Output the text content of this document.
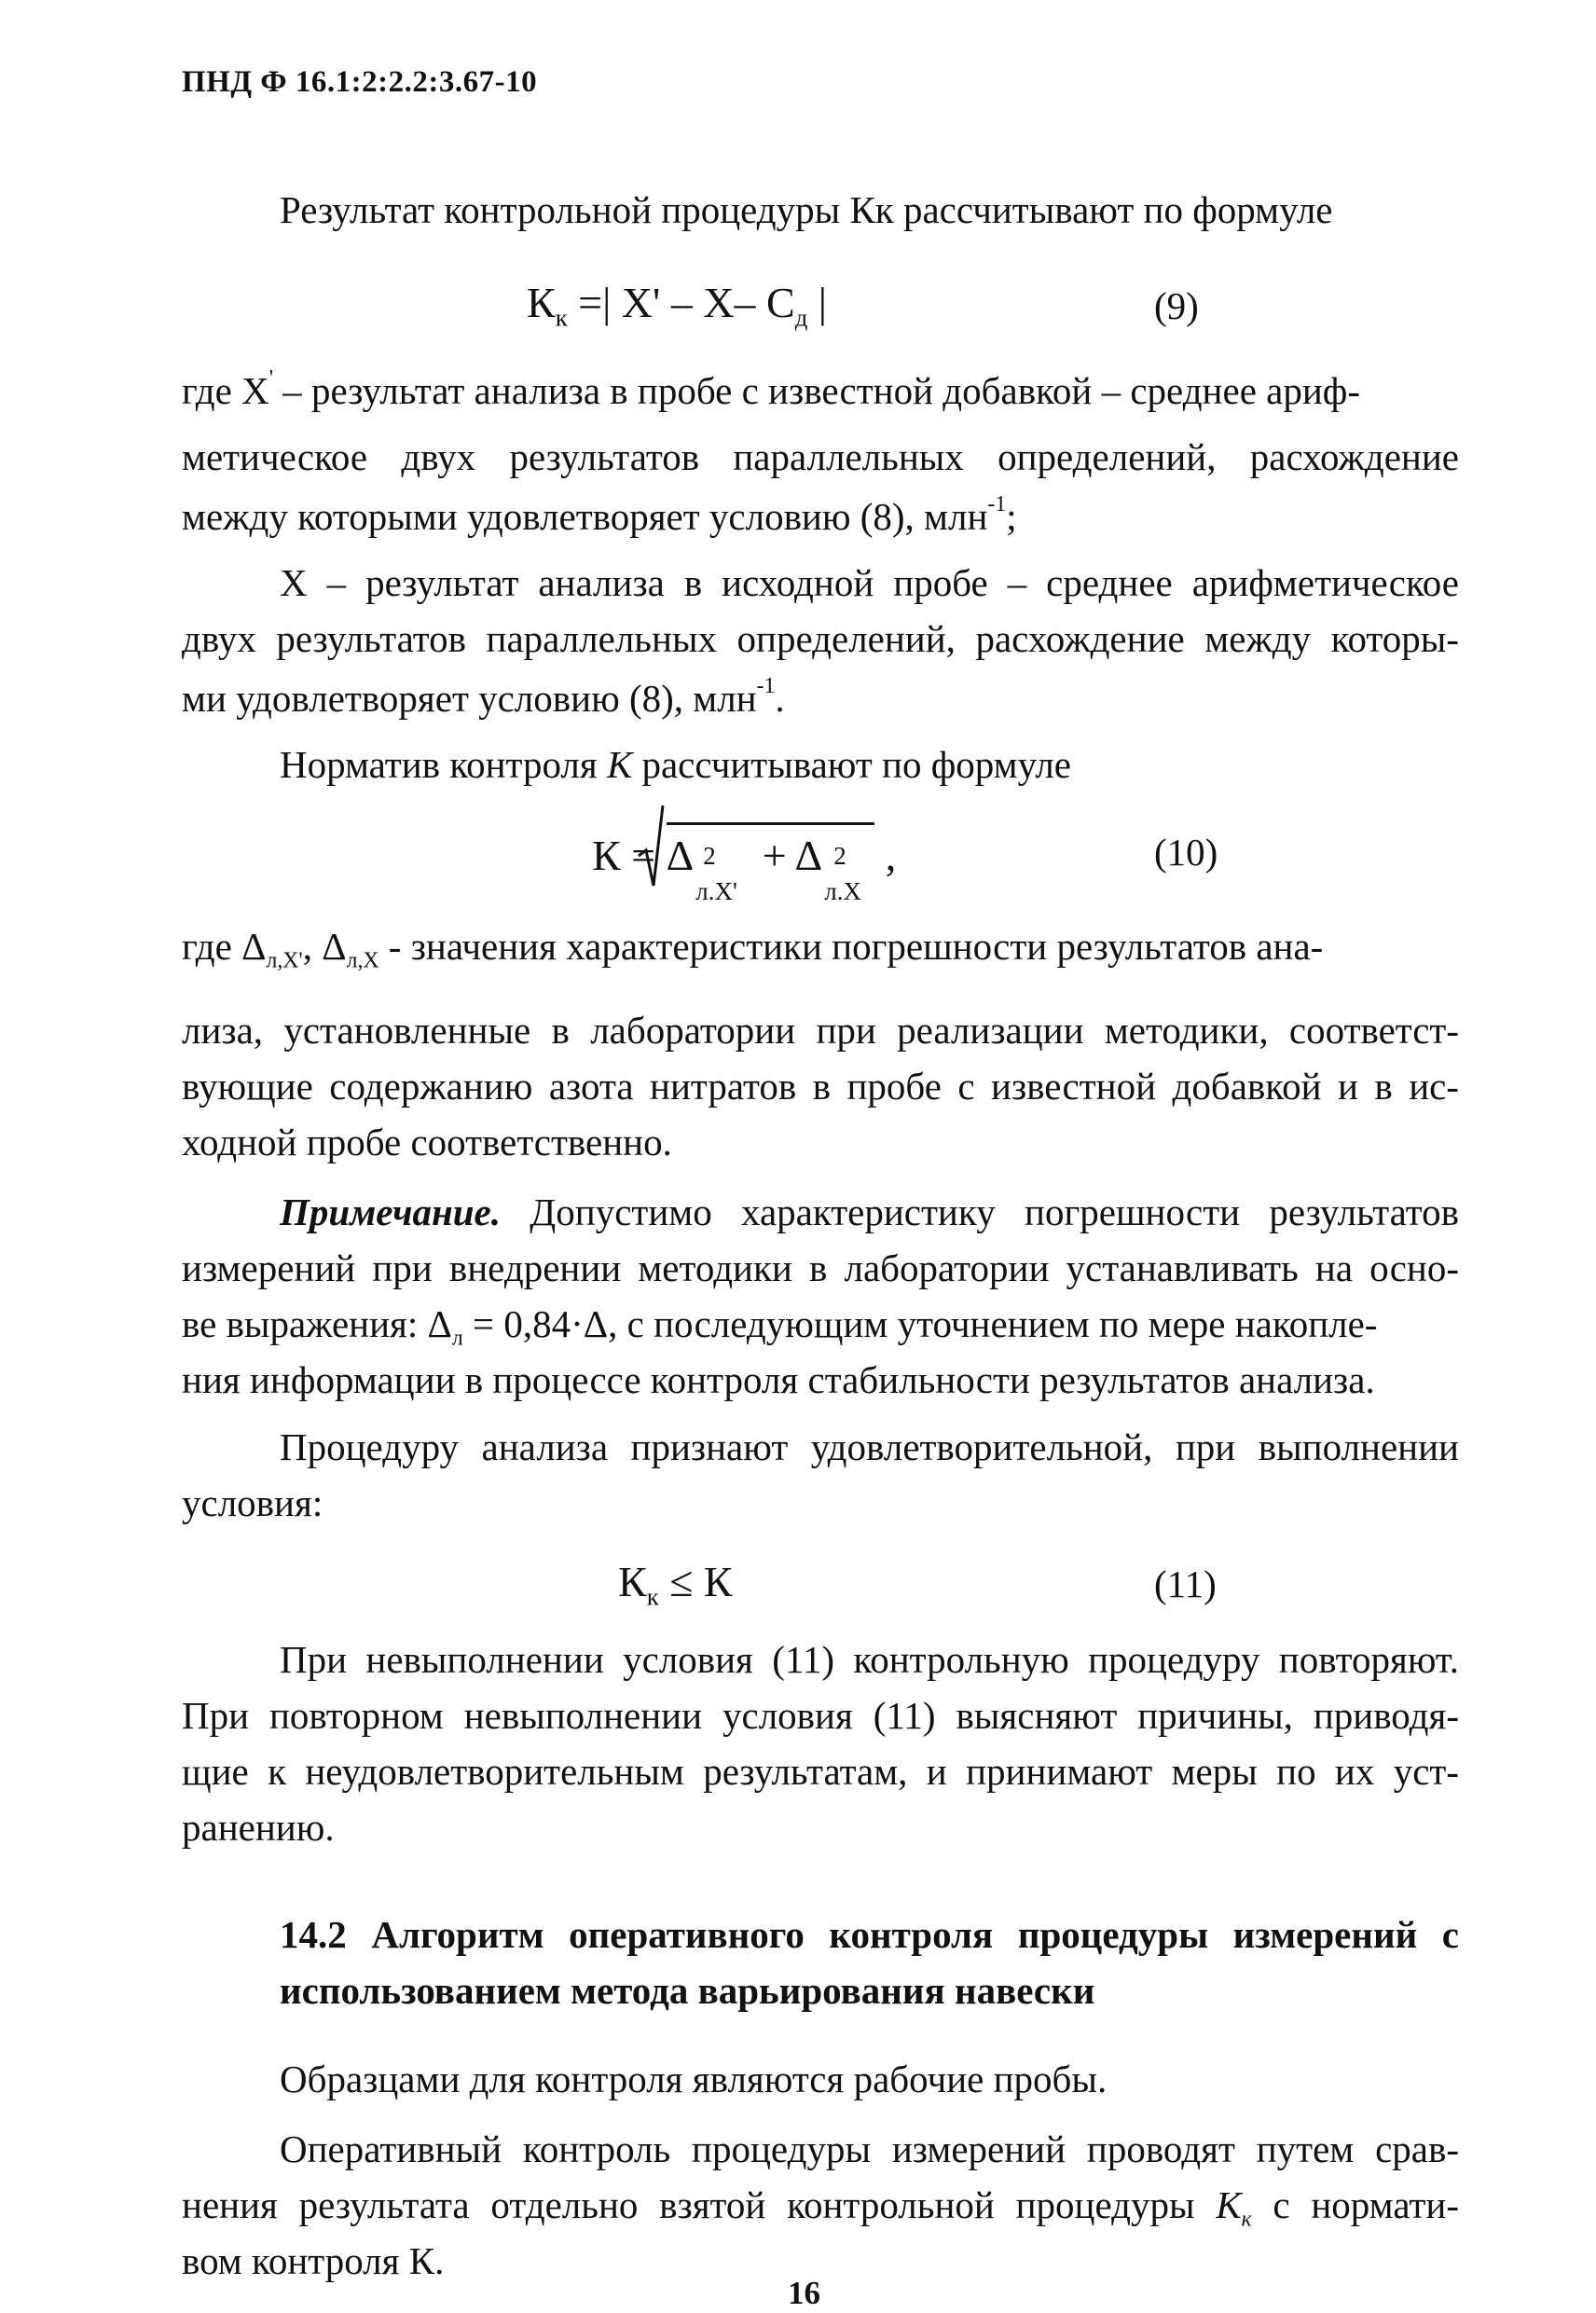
ПНД Ф 16.1:2:2.2:3.67-10
Результат контрольной процедуры Кк рассчитывают по формуле
$К_к$ =| X' – X– $C_д$ |	(9)
где X' – результат анализа в пробе с известной добавкой – среднее ариф-
метическое двух результатов параллельных определений, расхождение
между которыми удовлетворяет условию (8), млн$^{-1}$;
X – результат анализа в исходной пробе – среднее арифметическое
двух результатов параллельных определений, расхождение между которы-
ми удовлетворяет условию (8), млн$^{-1}$.
Норматив контроля К рассчитывают по формуле
К =
Δ 2
л.Х'
+ Δ 2
л.Х
,	(10)
где $\Delta_{л,Х'}$, $\Delta_{л,Х}$ - значения характеристики погрешности результатов ана-
лиза, установленные в лаборатории при реализации методики, соответст-
вующие содержанию азота нитратов в пробе с известной добавкой и в ис-
ходной пробе соответственно.
Примечание. Допустимо характеристику погрешности результатов
измерений при внедрении методики в лаборатории устанавливать на осно-
ве выражения: $\Delta_л = 0,84\cdot\Delta$, с последующим уточнением по мере накопле-
ния информации в процессе контроля стабильности результатов анализа.
Процедуру анализа признают удовлетворительной, при выполнении
условия:
$К_к \le К$	(11)
При невыполнении условия (11) контрольную процедуру повторяют.
При повторном невыполнении условия (11) выясняют причины, приводя-
щие к неудовлетворительным результатам, и принимают меры по их уст-
ранению.
14.2 Алгоритм оперативного контроля процедуры измерений с
использованием метода варьирования навески
Образцами для контроля являются рабочие пробы.
Оперативный контроль процедуры измерений проводят путем срав-
нения результата отдельно взятой контрольной процедуры $К_к$ с нормати-
вом контроля К.
16
